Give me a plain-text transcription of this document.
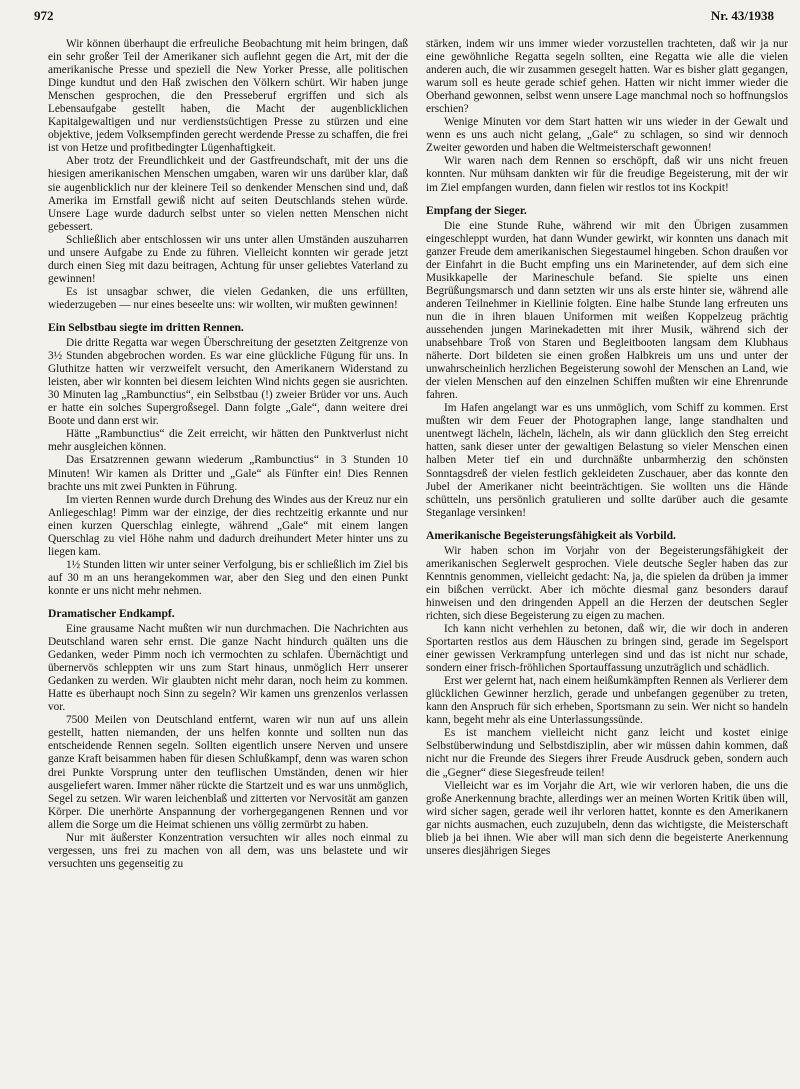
972	Nr. 43/1938

Wir können überhaupt die erfreuliche Beobachtung mit heim bringen, daß ein sehr großer Teil der Amerikaner sich auflehnt gegen die Art, mit der die amerikanische Presse und speziell die New Yorker Presse, alle politischen Dinge kundtut und den Haß zwischen den Völkern schürt. Wir haben junge Menschen gesprochen, die den Presseberuf ergriffen und sich als Lebensaufgabe gestellt haben, die Macht der augenblicklichen Kapitalgewaltigen und nur verdienstsüchtigen Presse zu stürzen und eine objektive, jedem Volksempfinden gerecht werdende Presse zu schaffen, die frei ist von Hetze und profitbedingter Lügenhaftigkeit.

Aber trotz der Freundlichkeit und der Gastfreundschaft, mit der uns die hiesigen amerikanischen Menschen umgaben, waren wir uns darüber klar, daß sie augenblicklich nur der kleinere Teil so denkender Menschen sind und, daß Amerika im Ernstfall gewiß nicht auf seiten Deutschlands stehen würde. Unsere Lage wurde dadurch selbst unter so vielen netten Menschen nicht gebessert.

Schließlich aber entschlossen wir uns unter allen Umständen auszuharren und unsere Aufgabe zu Ende zu führen. Vielleicht konnten wir gerade jetzt durch einen Sieg mit dazu beitragen, Achtung für unser geliebtes Vaterland zu gewinnen!

Es ist unsagbar schwer, die vielen Gedanken, die uns erfüllten, wiederzugeben — nur eines beseelte uns: wir wollten, wir mußten gewinnen!

Ein Selbstbau siegte im dritten Rennen.

Die dritte Regatta war wegen Überschreitung der gesetzten Zeitgrenze von 3½ Stunden abgebrochen worden. Es war eine glückliche Fügung für uns. In Gluthitze hatten wir verzweifelt versucht, den Amerikanern Widerstand zu leisten, aber wir konnten bei diesem leichten Wind nichts gegen sie ausrichten. 30 Minuten lag „Rambunctius“, ein Selbstbau (!) zweier Brüder vor uns. Auch er hatte ein solches Supergroßsegel. Dann folgte „Gale“, dann weitere drei Boote und dann erst wir.

Hätte „Rambunctius“ die Zeit erreicht, wir hätten den Punktverlust nicht mehr ausgleichen können.

Das Ersatzrennen gewann wiederum „Rambunctius“ in 3 Stunden 10 Minuten! Wir kamen als Dritter und „Gale“ als Fünfter ein! Dies Rennen brachte uns mit zwei Punkten in Führung.

Im vierten Rennen wurde durch Drehung des Windes aus der Kreuz nur ein Anliegeschlag! Pimm war der einzige, der dies rechtzeitig erkannte und nur einen kurzen Querschlag einlegte, während „Gale“ mit einem langen Querschlag zu viel Höhe nahm und dadurch dreihundert Meter hinter uns zu liegen kam.

1½ Stunden litten wir unter seiner Verfolgung, bis er schließlich im Ziel bis auf 30 m an uns herangekommen war, aber den Sieg und den einen Punkt konnte er uns nicht mehr nehmen.

Dramatischer Endkampf.

Eine grausame Nacht mußten wir nun durchmachen. Die Nachrichten aus Deutschland waren sehr ernst. Die ganze Nacht hindurch quälten uns die Gedanken, weder Pimm noch ich vermochten zu schlafen. Übernächtigt und übernervös schleppten wir uns zum Start hinaus, unmöglich Herr unserer Gedanken zu werden. Wir glaubten nicht mehr daran, noch heim zu kommen. Hatte es überhaupt noch Sinn zu segeln? Wir kamen uns grenzenlos verlassen vor.

7500 Meilen von Deutschland entfernt, waren wir nun auf uns allein gestellt, hatten niemanden, der uns helfen konnte und sollten nun das entscheidende Rennen segeln. Sollten eigentlich unsere Nerven und unsere ganze Kraft beisammen haben für diesen Schlußkampf, denn was waren schon drei Punkte Vorsprung unter den teuflischen Umständen, denen wir hier ausgeliefert waren. Immer näher rückte die Startzeit und es war uns unmöglich, Segel zu setzen. Wir waren leichenblaß und zitterten vor Nervosität am ganzen Körper. Die unerhörte Anspannung der vorhergegangenen Rennen und vor allem die Sorge um die Heimat schienen uns völlig zermürbt zu haben.

Nur mit äußerster Konzentration versuchten wir alles noch einmal zu vergessen, uns frei zu machen von all dem, was uns belastete und wir versuchten uns gegenseitig zu

stärken, indem wir uns immer wieder vorzustellen trachteten, daß wir ja nur eine gewöhnliche Regatta segeln sollten, eine Regatta wie alle die vielen anderen auch, die wir zusammen gesegelt hatten. War es bisher glatt gegangen, warum soll es heute gerade schief gehen. Hatten wir nicht immer wieder die Oberhand gewonnen, selbst wenn unsere Lage manchmal noch so hoffnungslos erschien?

Wenige Minuten vor dem Start hatten wir uns wieder in der Gewalt und wenn es uns auch nicht gelang, „Gale“ zu schlagen, so sind wir dennoch Zweiter geworden und haben die Weltmeisterschaft gewonnen!

Wir waren nach dem Rennen so erschöpft, daß wir uns nicht freuen konnten. Nur mühsam dankten wir für die freudige Begeisterung, mit der wir im Ziel empfangen wurden, dann fielen wir restlos tot ins Kockpit!

Empfang der Sieger.

Die eine Stunde Ruhe, während wir mit den Übrigen zusammen eingeschleppt wurden, hat dann Wunder gewirkt, wir konnten uns danach mit ganzer Freude dem amerikanischen Siegestaumel hingeben. Schon draußen vor der Einfahrt in die Bucht empfing uns ein Marinetender, auf dem sich eine Musikkapelle der Marineschule befand. Sie spielte uns einen Begrüßungsmarsch und dann setzten wir uns als erste hinter sie, während alle anderen Teilnehmer in Kiellinie folgten. Eine halbe Stunde lang erfreuten uns nun die in ihren blauen Uniformen mit weißen Koppelzeug prächtig aussehenden jungen Marinekadetten mit ihrer Musik, während sich der unabsehbare Troß von Staren und Begleitbooten langsam dem Klubhaus näherte. Dort bildeten sie einen großen Halbkreis um uns und unter der unwahrscheinlich herzlichen Begeisterung sowohl der Menschen an Land, wie der vielen Menschen auf den einzelnen Schiffen mußten wir eine Ehrenrunde fahren.

Im Hafen angelangt war es uns unmöglich, vom Schiff zu kommen. Erst mußten wir dem Feuer der Photographen lange, lange standhalten und unentwegt lächeln, lächeln, lächeln, als wir dann glücklich den Steg erreicht hatten, sank dieser unter der gewaltigen Belastung so vieler Menschen einen halben Meter tief ein und durchnäßte unbarmherzig den schönsten Sonntagsdreß der vielen festlich gekleideten Zuschauer, aber das konnte den Jubel der Amerikaner nicht beeinträchtigen. Sie wollten uns die Hände schütteln, uns persönlich gratulieren und sollte darüber auch die gesamte Steganlage versinken!

Amerikanische Begeisterungsfähigkeit als Vorbild.

Wir haben schon im Vorjahr von der Begeisterungsfähigkeit der amerikanischen Seglerwelt gesprochen. Viele deutsche Segler haben das zur Kenntnis genommen, vielleicht gedacht: Na, ja, die spielen da drüben ja immer ein bißchen verrückt. Aber ich möchte diesmal ganz besonders darauf hinweisen und den dringenden Appell an die Herzen der deutschen Segler richten, sich diese Begeisterung zu eigen zu machen.

Ich kann nicht verhehlen zu betonen, daß wir, die wir doch in anderen Sportarten restlos aus dem Häuschen zu bringen sind, gerade im Segelsport einer gewissen Verkrampfung unterlegen sind und das ist nicht nur schade, sondern einer frisch-fröhlichen Sportauffassung unzuträglich und schädlich.

Erst wer gelernt hat, nach einem heißumkämpften Rennen als Verlierer dem glücklichen Gewinner herzlich, gerade und unbefangen gegenüber zu treten, kann den Anspruch für sich erheben, Sportsmann zu sein. Wer nicht so handeln kann, begeht mehr als eine Unterlassungssünde.

Es ist manchem vielleicht nicht ganz leicht und kostet einige Selbstüberwindung und Selbstdisziplin, aber wir müssen dahin kommen, daß nicht nur die Freunde des Siegers ihrer Freude Ausdruck geben, sondern auch die „Gegner“ diese Siegesfreude teilen!

Vielleicht war es im Vorjahr die Art, wie wir verloren haben, die uns die große Anerkennung brachte, allerdings wer an meinen Worten Kritik üben will, wird sicher sagen, gerade weil ihr verloren hattet, konnte es den Amerikanern gar nichts ausmachen, euch zuzujubeln, denn das wichtigste, die Meisterschaft blieb ja bei ihnen. Wie aber will man sich denn die begeisterte Anerkennung unseres diesjährigen Sieges
